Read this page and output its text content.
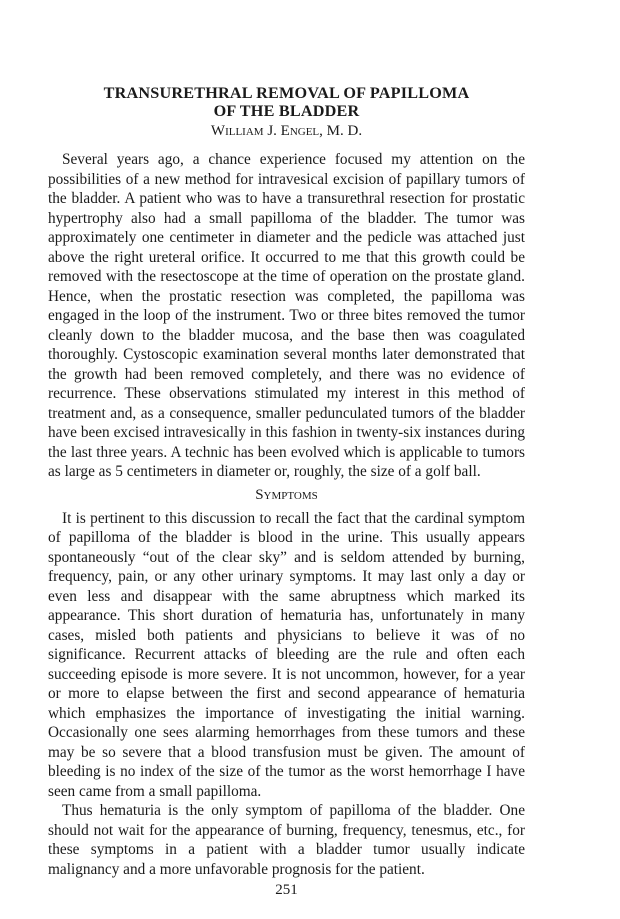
TRANSURETHRAL REMOVAL OF PAPILLOMA
OF THE BLADDER
William J. Engel, M. D.

Several years ago, a chance experience focused my attention on the possibilities of a new method for intravesical excision of papillary tumors of the bladder. A patient who was to have a transurethral resection for prostatic hypertrophy also had a small papilloma of the bladder. The tumor was approximately one centimeter in diameter and the pedicle was attached just above the right ureteral orifice. It occurred to me that this growth could be removed with the resectoscope at the time of operation on the prostate gland. Hence, when the prostatic resection was completed, the papilloma was engaged in the loop of the instrument. Two or three bites removed the tumor cleanly down to the bladder mucosa, and the base then was coagulated thoroughly. Cystoscopic examination several months later demonstrated that the growth had been removed completely, and there was no evidence of recurrence. These observations stimulated my interest in this method of treatment and, as a consequence, smaller pedunculated tumors of the bladder have been excised intravesically in this fashion in twenty-six instances during the last three years. A technic has been evolved which is applicable to tumors as large as 5 centimeters in diameter or, roughly, the size of a golf ball.

Symptoms

It is pertinent to this discussion to recall the fact that the cardinal symptom of papilloma of the bladder is blood in the urine. This usually appears spontaneously “out of the clear sky” and is seldom attended by burning, frequency, pain, or any other urinary symptoms. It may last only a day or even less and disappear with the same abruptness which marked its appearance. This short duration of hematuria has, unfortunately in many cases, misled both patients and physicians to believe it was of no significance. Recurrent attacks of bleeding are the rule and often each succeeding episode is more severe. It is not uncommon, however, for a year or more to elapse between the first and second appearance of hematuria which emphasizes the importance of investigating the initial warning. Occasionally one sees alarming hemorrhages from these tumors and these may be so severe that a blood transfusion must be given. The amount of bleeding is no index of the size of the tumor as the worst hemorrhage I have seen came from a small papilloma.

Thus hematuria is the only symptom of papilloma of the bladder. One should not wait for the appearance of burning, frequency, tenesmus, etc., for these symptoms in a patient with a bladder tumor usually indicate malignancy and a more unfavorable prognosis for the patient.

251
